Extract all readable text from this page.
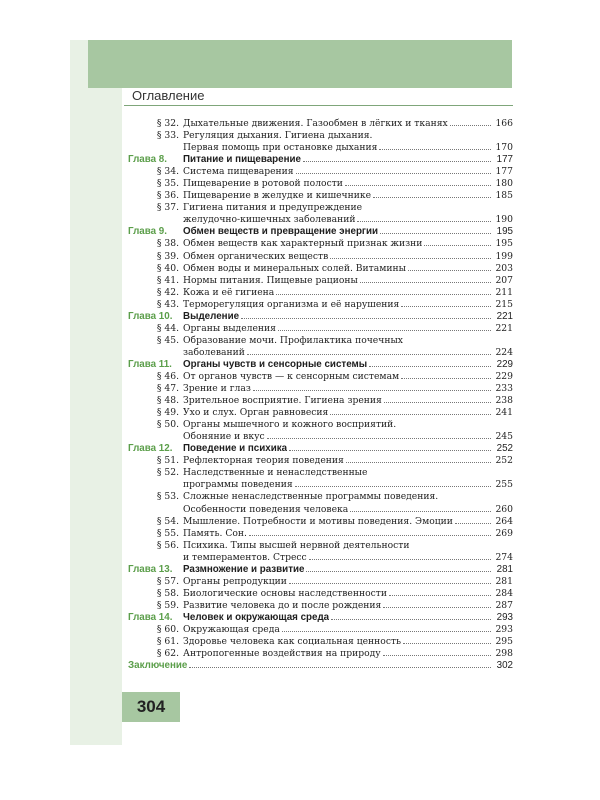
Оглавление
§ 32. Дыхательные движения. Газообмен в лёгких и тканях	166
§ 33. Регуляция дыхания. Гигиена дыхания.
Первая помощь при остановке дыхания	170
Глава 8.	Питание и пищеварение	177
§ 34. Система пищеварения	177
§ 35. Пищеварение в ротовой полости	180
§ 36. Пищеварение в желудке и кишечнике	185
§ 37. Гигиена питания и предупреждение
желудочно-кишечных заболеваний	190
Глава 9.	Обмен веществ и превращение энергии	195
§ 38. Обмен веществ как характерный признак жизни	195
§ 39. Обмен органических веществ	199
§ 40. Обмен воды и минеральных солей. Витамины	203
§ 41. Нормы питания. Пищевые рационы	207
§ 42. Кожа и её гигиена	211
§ 43. Терморегуляция организма и её нарушения	215
Глава 10.	Выделение	221
§ 44. Органы выделения	221
§ 45. Образование мочи. Профилактика почечных
заболеваний	224
Глава 11.	Органы чувств и сенсорные системы	229
§ 46. От органов чувств — к сенсорным системам	229
§ 47. Зрение и глаз	233
§ 48. Зрительное восприятие. Гигиена зрения	238
§ 49. Ухо и слух. Орган равновесия	241
§ 50. Органы мышечного и кожного восприятий.
Обоняние и вкус	245
Глава 12.	Поведение и психика	252
§ 51. Рефлекторная теория поведения	252
§ 52. Наследственные и ненаследственные
программы поведения	255
§ 53. Сложные ненаследственные программы поведения.
Особенности поведения человека	260
§ 54. Мышление. Потребности и мотивы поведения. Эмоции	264
§ 55. Память. Сон.	269
§ 56. Психика. Типы высшей нервной деятельности
и темпераментов. Стресс	274
Глава 13.	Размножение и развитие	281
§ 57. Органы репродукции	281
§ 58. Биологические основы наследственности	284
§ 59. Развитие человека до и после рождения	287
Глава 14.	Человек и окружающая среда	293
§ 60. Окружающая среда	293
§ 61. Здоровье человека как социальная ценность	295
§ 62. Антропогенные воздействия на природу	298
Заключение	302
304
